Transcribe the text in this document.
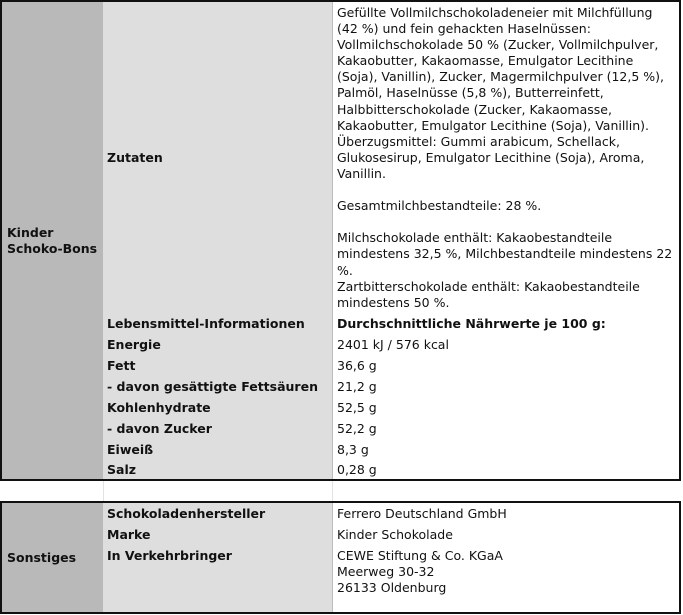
Kinder
Schoko-Bons
Zutaten
Gefüllte Vollmilchschokoladeneier mit Milchfüllung (42 %) und fein gehackten Haselnüssen: Vollmilchschokolade 50 % (Zucker, Vollmilchpulver, Kakaobutter, Kakaomasse, Emulgator Lecithine (Soja), Vanillin), Zucker, Magermilchpulver (12,5 %), Palmöl, Haselnüsse (5,8 %), Butterreinfett, Halbbitterschokolade (Zucker, Kakaomasse, Kakaobutter, Emulgator Lecithine (Soja), Vanillin). Überzugsmittel: Gummi arabicum, Schellack, Glukosesirup, Emulgator Lecithine (Soja), Aroma, Vanillin.

Gesamtmilchbestandteile: 28 %.

Milchschokolade enthält: Kakaobestandteile mindestens 32,5 %, Milchbestandteile mindestens 22 %.
Zartbitterschokolade enthält: Kakaobestandteile mindestens 50 %.
Lebensmittel-Informationen	Durchschnittliche Nährwerte je 100 g:
Energie	2401 kJ / 576 kcal
Fett	36,6 g
- davon gesättigte Fettsäuren	21,2 g
Kohlenhydrate	52,5 g
- davon Zucker	52,2 g
Eiweiß	8,3 g
Salz	0,28 g
Sonstiges
Schokoladenhersteller	Ferrero Deutschland GmbH
Marke	Kinder Schokolade
In Verkehrbringer	CEWE Stiftung & Co. KGaA
Meerweg 30-32
26133 Oldenburg
